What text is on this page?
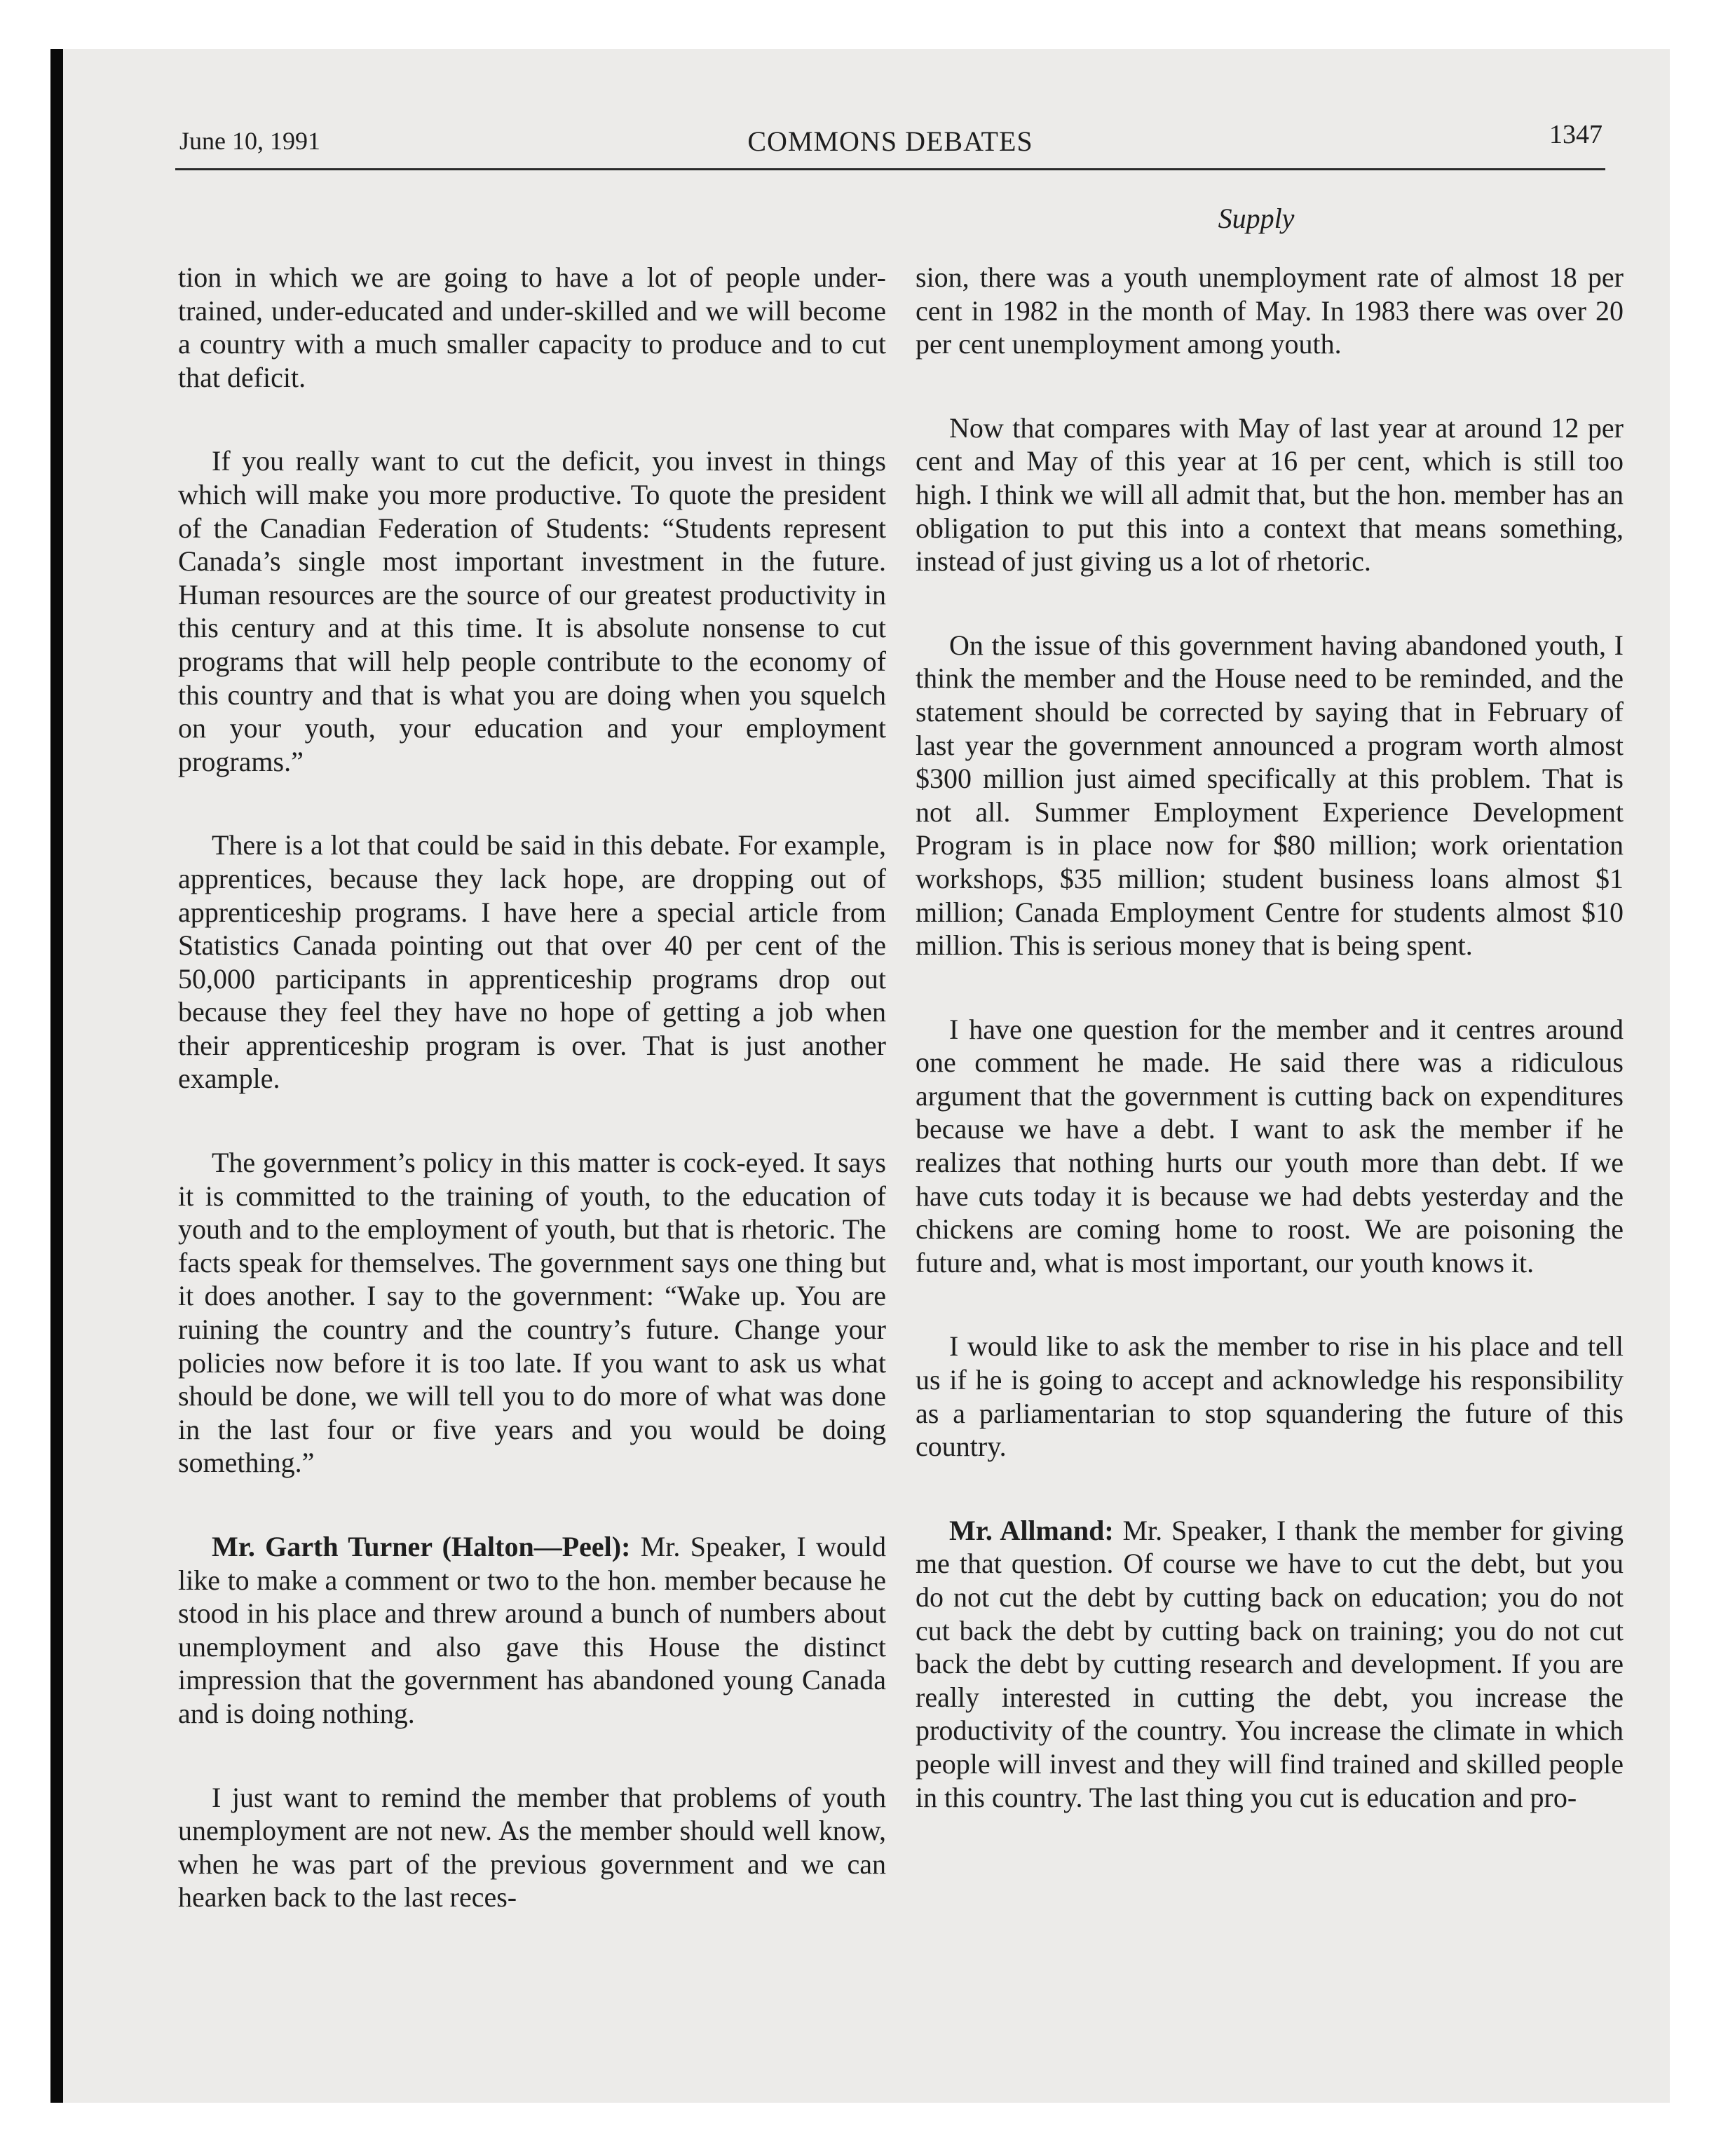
June 10, 1991	COMMONS DEBATES	1347
Supply

tion in which we are going to have a lot of people under-trained, under-educated and under-skilled and we will become a country with a much smaller capacity to produce and to cut that deficit.

If you really want to cut the deficit, you invest in things which will make you more productive. To quote the president of the Canadian Federation of Students: “Students represent Canada’s single most important investment in the future. Human resources are the source of our greatest productivity in this century and at this time. It is absolute nonsense to cut programs that will help people contribute to the economy of this country and that is what you are doing when you squelch on your youth, your education and your employment programs.”

There is a lot that could be said in this debate. For example, apprentices, because they lack hope, are dropping out of apprenticeship programs. I have here a special article from Statistics Canada pointing out that over 40 per cent of the 50,000 participants in apprenticeship programs drop out because they feel they have no hope of getting a job when their apprenticeship program is over. That is just another example.

The government’s policy in this matter is cock-eyed. It says it is committed to the training of youth, to the education of youth and to the employment of youth, but that is rhetoric. The facts speak for themselves. The government says one thing but it does another. I say to the government: “Wake up. You are ruining the country and the country’s future. Change your policies now before it is too late. If you want to ask us what should be done, we will tell you to do more of what was done in the last four or five years and you would be doing something.”

Mr. Garth Turner (Halton—Peel): Mr. Speaker, I would like to make a comment or two to the hon. member because he stood in his place and threw around a bunch of numbers about unemployment and also gave this House the distinct impression that the government has abandoned young Canada and is doing nothing.

I just want to remind the member that problems of youth unemployment are not new. As the member should well know, when he was part of the previous government and we can hearken back to the last reces-

sion, there was a youth unemployment rate of almost 18 per cent in 1982 in the month of May. In 1983 there was over 20 per cent unemployment among youth.

Now that compares with May of last year at around 12 per cent and May of this year at 16 per cent, which is still too high. I think we will all admit that, but the hon. member has an obligation to put this into a context that means something, instead of just giving us a lot of rhetoric.

On the issue of this government having abandoned youth, I think the member and the House need to be reminded, and the statement should be corrected by saying that in February of last year the government announced a program worth almost $300 million just aimed specifically at this problem. That is not all. Summer Employment Experience Development Program is in place now for $80 million; work orientation workshops, $35 million; student business loans almost $1 million; Canada Employment Centre for students almost $10 million. This is serious money that is being spent.

I have one question for the member and it centres around one comment he made. He said there was a ridiculous argument that the government is cutting back on expenditures because we have a debt. I want to ask the member if he realizes that nothing hurts our youth more than debt. If we have cuts today it is because we had debts yesterday and the chickens are coming home to roost. We are poisoning the future and, what is most important, our youth knows it.

I would like to ask the member to rise in his place and tell us if he is going to accept and acknowledge his responsibility as a parliamentarian to stop squandering the future of this country.

Mr. Allmand: Mr. Speaker, I thank the member for giving me that question. Of course we have to cut the debt, but you do not cut the debt by cutting back on education; you do not cut back the debt by cutting back on training; you do not cut back the debt by cutting research and development. If you are really interested in cutting the debt, you increase the productivity of the country. You increase the climate in which people will invest and they will find trained and skilled people in this country. The last thing you cut is education and pro-
